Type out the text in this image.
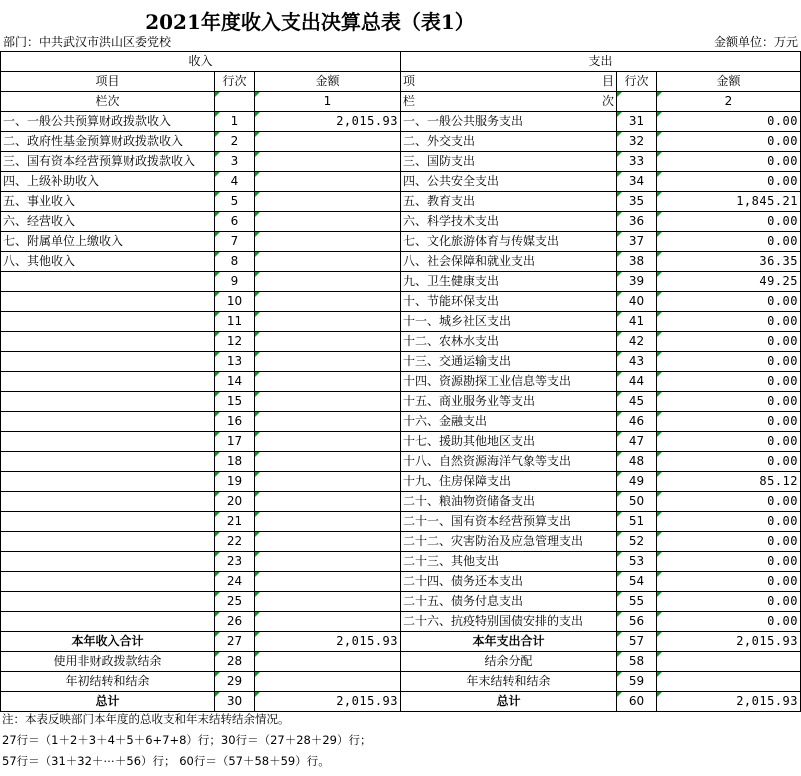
2021年度收入支出决算总表（表1）
部门：中共武汉市洪山区委党校	金额单位：万元
收入			支出		
项目	行次	金额	项 目	行次	金额
栏次		1	栏 次		2
一、一般公共预算财政拨款收入	1	2,015.93	一、一般公共服务支出	31	0.00
二、政府性基金预算财政拨款收入	2		二、外交支出	32	0.00
三、国有资本经营预算财政拨款收入	3		三、国防支出	33	0.00
四、上级补助收入	4		四、公共安全支出	34	0.00
五、事业收入	5		五、教育支出	35	1,845.21
六、经营收入	6		六、科学技术支出	36	0.00
七、附属单位上缴收入	7		七、文化旅游体育与传媒支出	37	0.00
八、其他收入	8		八、社会保障和就业支出	38	36.35
	9		九、卫生健康支出	39	49.25
	10		十、节能环保支出	40	0.00
	11		十一、城乡社区支出	41	0.00
	12		十二、农林水支出	42	0.00
	13		十三、交通运输支出	43	0.00
	14		十四、资源勘探工业信息等支出	44	0.00
	15		十五、商业服务业等支出	45	0.00
	16		十六、金融支出	46	0.00
	17		十七、援助其他地区支出	47	0.00
	18		十八、自然资源海洋气象等支出	48	0.00
	19		十九、住房保障支出	49	85.12
	20		二十、粮油物资储备支出	50	0.00
	21		二十一、国有资本经营预算支出	51	0.00
	22		二十二、灾害防治及应急管理支出	52	0.00
	23		二十三、其他支出	53	0.00
	24		二十四、债务还本支出	54	0.00
	25		二十五、债务付息支出	55	0.00
	26		二十六、抗疫特别国债安排的支出	56	0.00
本年收入合计	27	2,015.93	本年支出合计	57	2,015.93
使用非财政拨款结余	28		结余分配	58	
年初结转和结余	29		年末结转和结余	59	
总计	30	2,015.93	总计	60	2,015.93
注：本表反映部门本年度的总收支和年末结转结余情况。
27行＝（1＋2＋3＋4＋5＋6+7+8）行；30行＝（27＋28＋29）行；
57行＝（31＋32＋⋯＋56）行； 60行＝（57＋58＋59）行。
